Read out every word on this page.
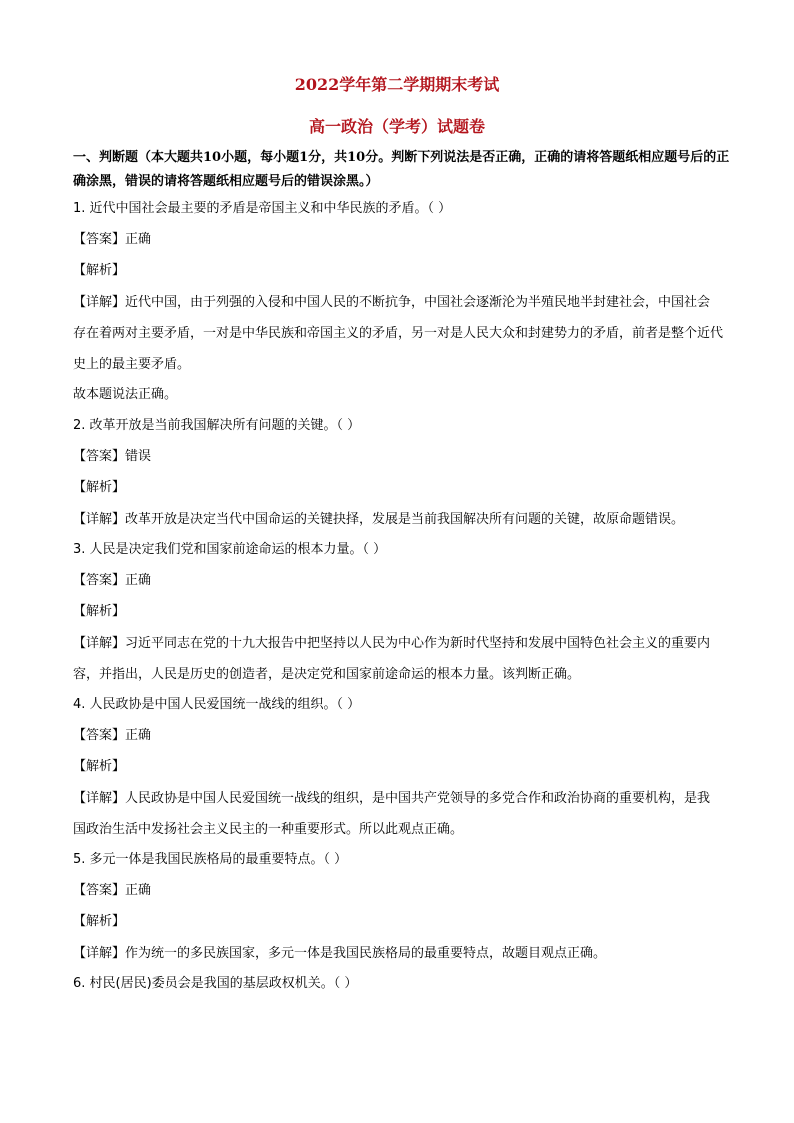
2022学年第二学期期末考试
高一政治（学考）试题卷
一、判断题（本大题共10小题，每小题1分，共10分。判断下列说法是否正确，正确的请将答题纸相应题号后的正确涂黑，错误的请将答题纸相应题号后的错误涂黑。）
1. 近代中国社会最主要的矛盾是帝国主义和中华民族的矛盾。（ ）
【答案】正确
【解析】
【详解】近代中国，由于列强的入侵和中国人民的不断抗争，中国社会逐渐沦为半殖民地半封建社会，中国社会存在着两对主要矛盾，一对是中华民族和帝国主义的矛盾，另一对是人民大众和封建势力的矛盾，前者是整个近代史上的最主要矛盾。
故本题说法正确。
2. 改革开放是当前我国解决所有问题的关键。（ ）
【答案】错误
【解析】
【详解】改革开放是决定当代中国命运的关键抉择，发展是当前我国解决所有问题的关键，故原命题错误。
3. 人民是决定我们党和国家前途命运的根本力量。（ ）
【答案】正确
【解析】
【详解】习近平同志在党的十九大报告中把坚持以人民为中心作为新时代坚持和发展中国特色社会主义的重要内容，并指出，人民是历史的创造者，是决定党和国家前途命运的根本力量。该判断正确。
4. 人民政协是中国人民爱国统一战线的组织。（ ）
【答案】正确
【解析】
【详解】人民政协是中国人民爱国统一战线的组织，是中国共产党领导的多党合作和政治协商的重要机构，是我国政治生活中发扬社会主义民主的一种重要形式。所以此观点正确。
5. 多元一体是我国民族格局的最重要特点。（ ）
【答案】正确
【解析】
【详解】作为统一的多民族国家，多元一体是我国民族格局的最重要特点，故题目观点正确。
6. 村民(居民)委员会是我国的基层政权机关。（ ）
